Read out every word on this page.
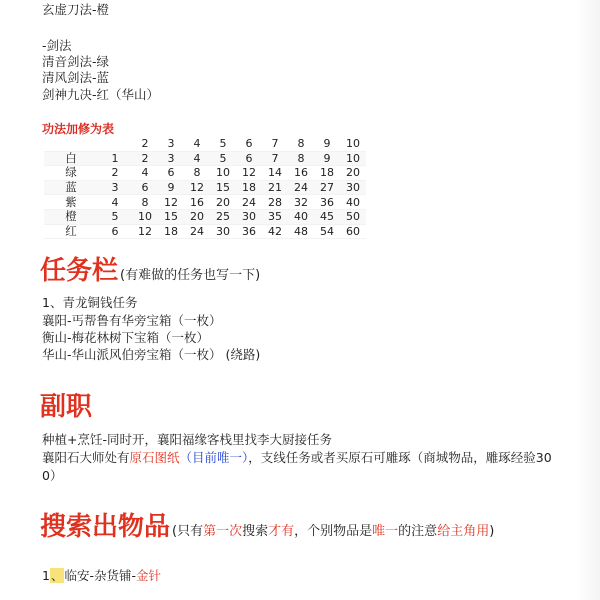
玄虚刀法-橙
-剑法
清音剑法-绿
清风剑法-蓝
剑神九决-红（华山）
功法加修为表
		2	3	4	5	6	7	8	9	10
白	1	2	3	4	5	6	7	8	9	10
绿	2	4	6	8	10	12	14	16	18	20
蓝	3	6	9	12	15	18	21	24	27	30
紫	4	8	12	16	20	24	28	32	36	40
橙	5	10	15	20	25	30	35	40	45	50
红	6	12	18	24	30	36	42	48	54	60
任务栏 (有难做的任务也写一下)
1、青龙铜钱任务
襄阳-丐帮鲁有华旁宝箱（一枚）
衡山-梅花林树下宝箱（一枚）
华山-华山派风伯旁宝箱（一枚） (绕路)
副职
种植+烹饪-同时开，襄阳福缘客栈里找李大厨接任务
襄阳石大师处有原石图纸（目前唯一），支线任务或者买原石可雕琢（商城物品，雕琢经验30
0）
搜索出物品 (只有第一次搜索才有，个别物品是唯一的注意给主角用)
1、临安-杂货铺-金针
